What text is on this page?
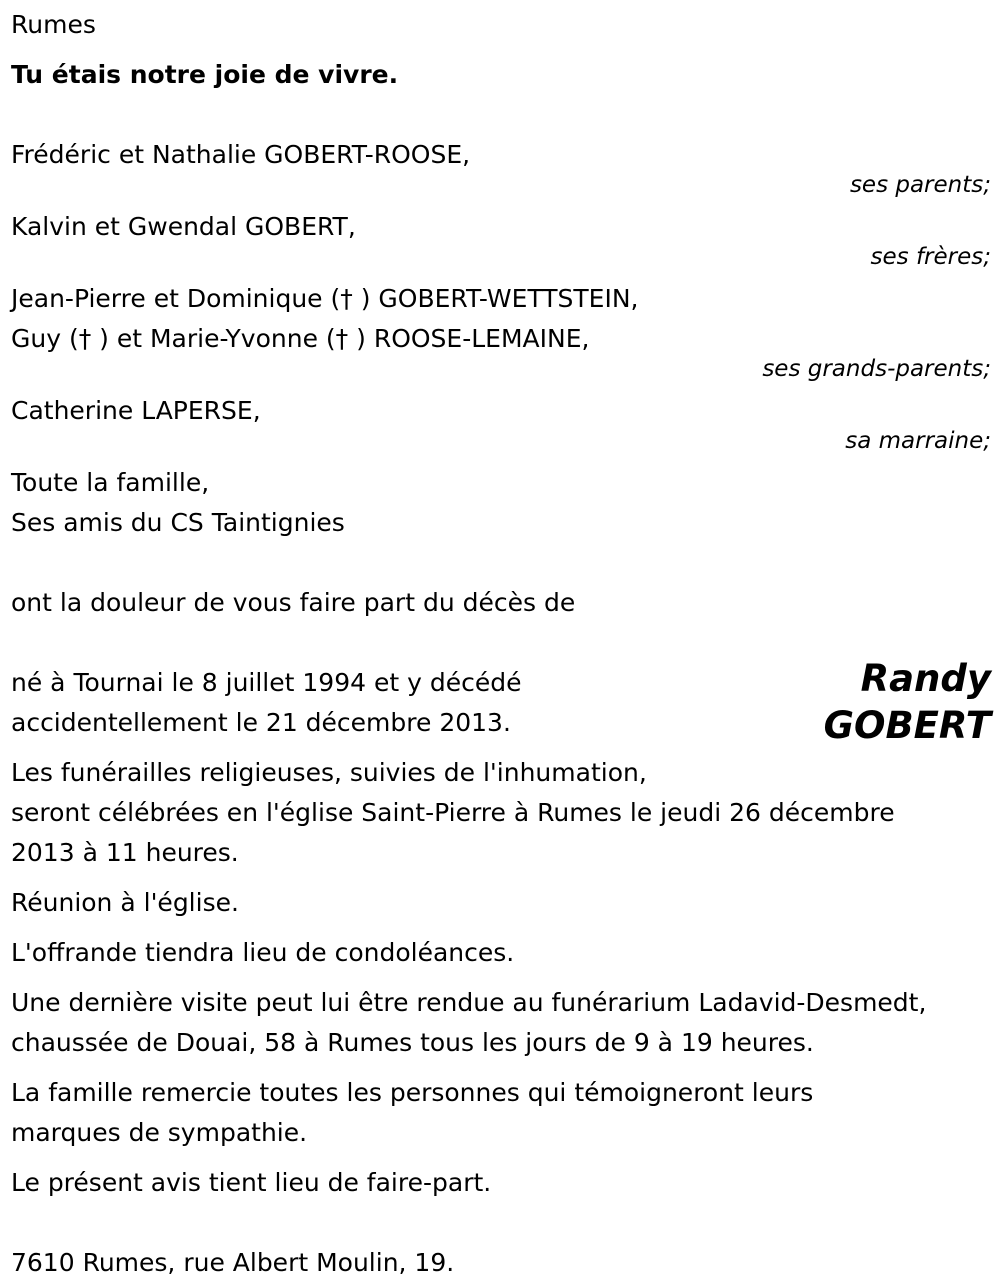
Rumes
Tu étais notre joie de vivre.
Frédéric et Nathalie GOBERT-ROOSE,
ses parents;
Kalvin et Gwendal GOBERT,
ses frères;
Jean-Pierre et Dominique († ) GOBERT-WETTSTEIN,
Guy († ) et Marie-Yvonne († ) ROOSE-LEMAINE,
ses grands-parents;
Catherine LAPERSE,
sa marraine;
Toute la famille,
Ses amis du CS Taintignies
ont la douleur de vous faire part du décès de
né à Tournai le 8 juillet 1994 et y décédé
accidentellement le 21 décembre 2013.
Randy
GOBERT
Les funérailles religieuses, suivies de l'inhumation,
seront célébrées en l'église Saint-Pierre à Rumes le jeudi 26 décembre
2013 à 11 heures.
Réunion à l'église.
L'offrande tiendra lieu de condoléances.
Une dernière visite peut lui être rendue au funérarium Ladavid-Desmedt,
chaussée de Douai, 58 à Rumes tous les jours de 9 à 19 heures.
La famille remercie toutes les personnes qui témoigneront leurs
marques de sympathie.
Le présent avis tient lieu de faire-part.
7610 Rumes, rue Albert Moulin, 19.
